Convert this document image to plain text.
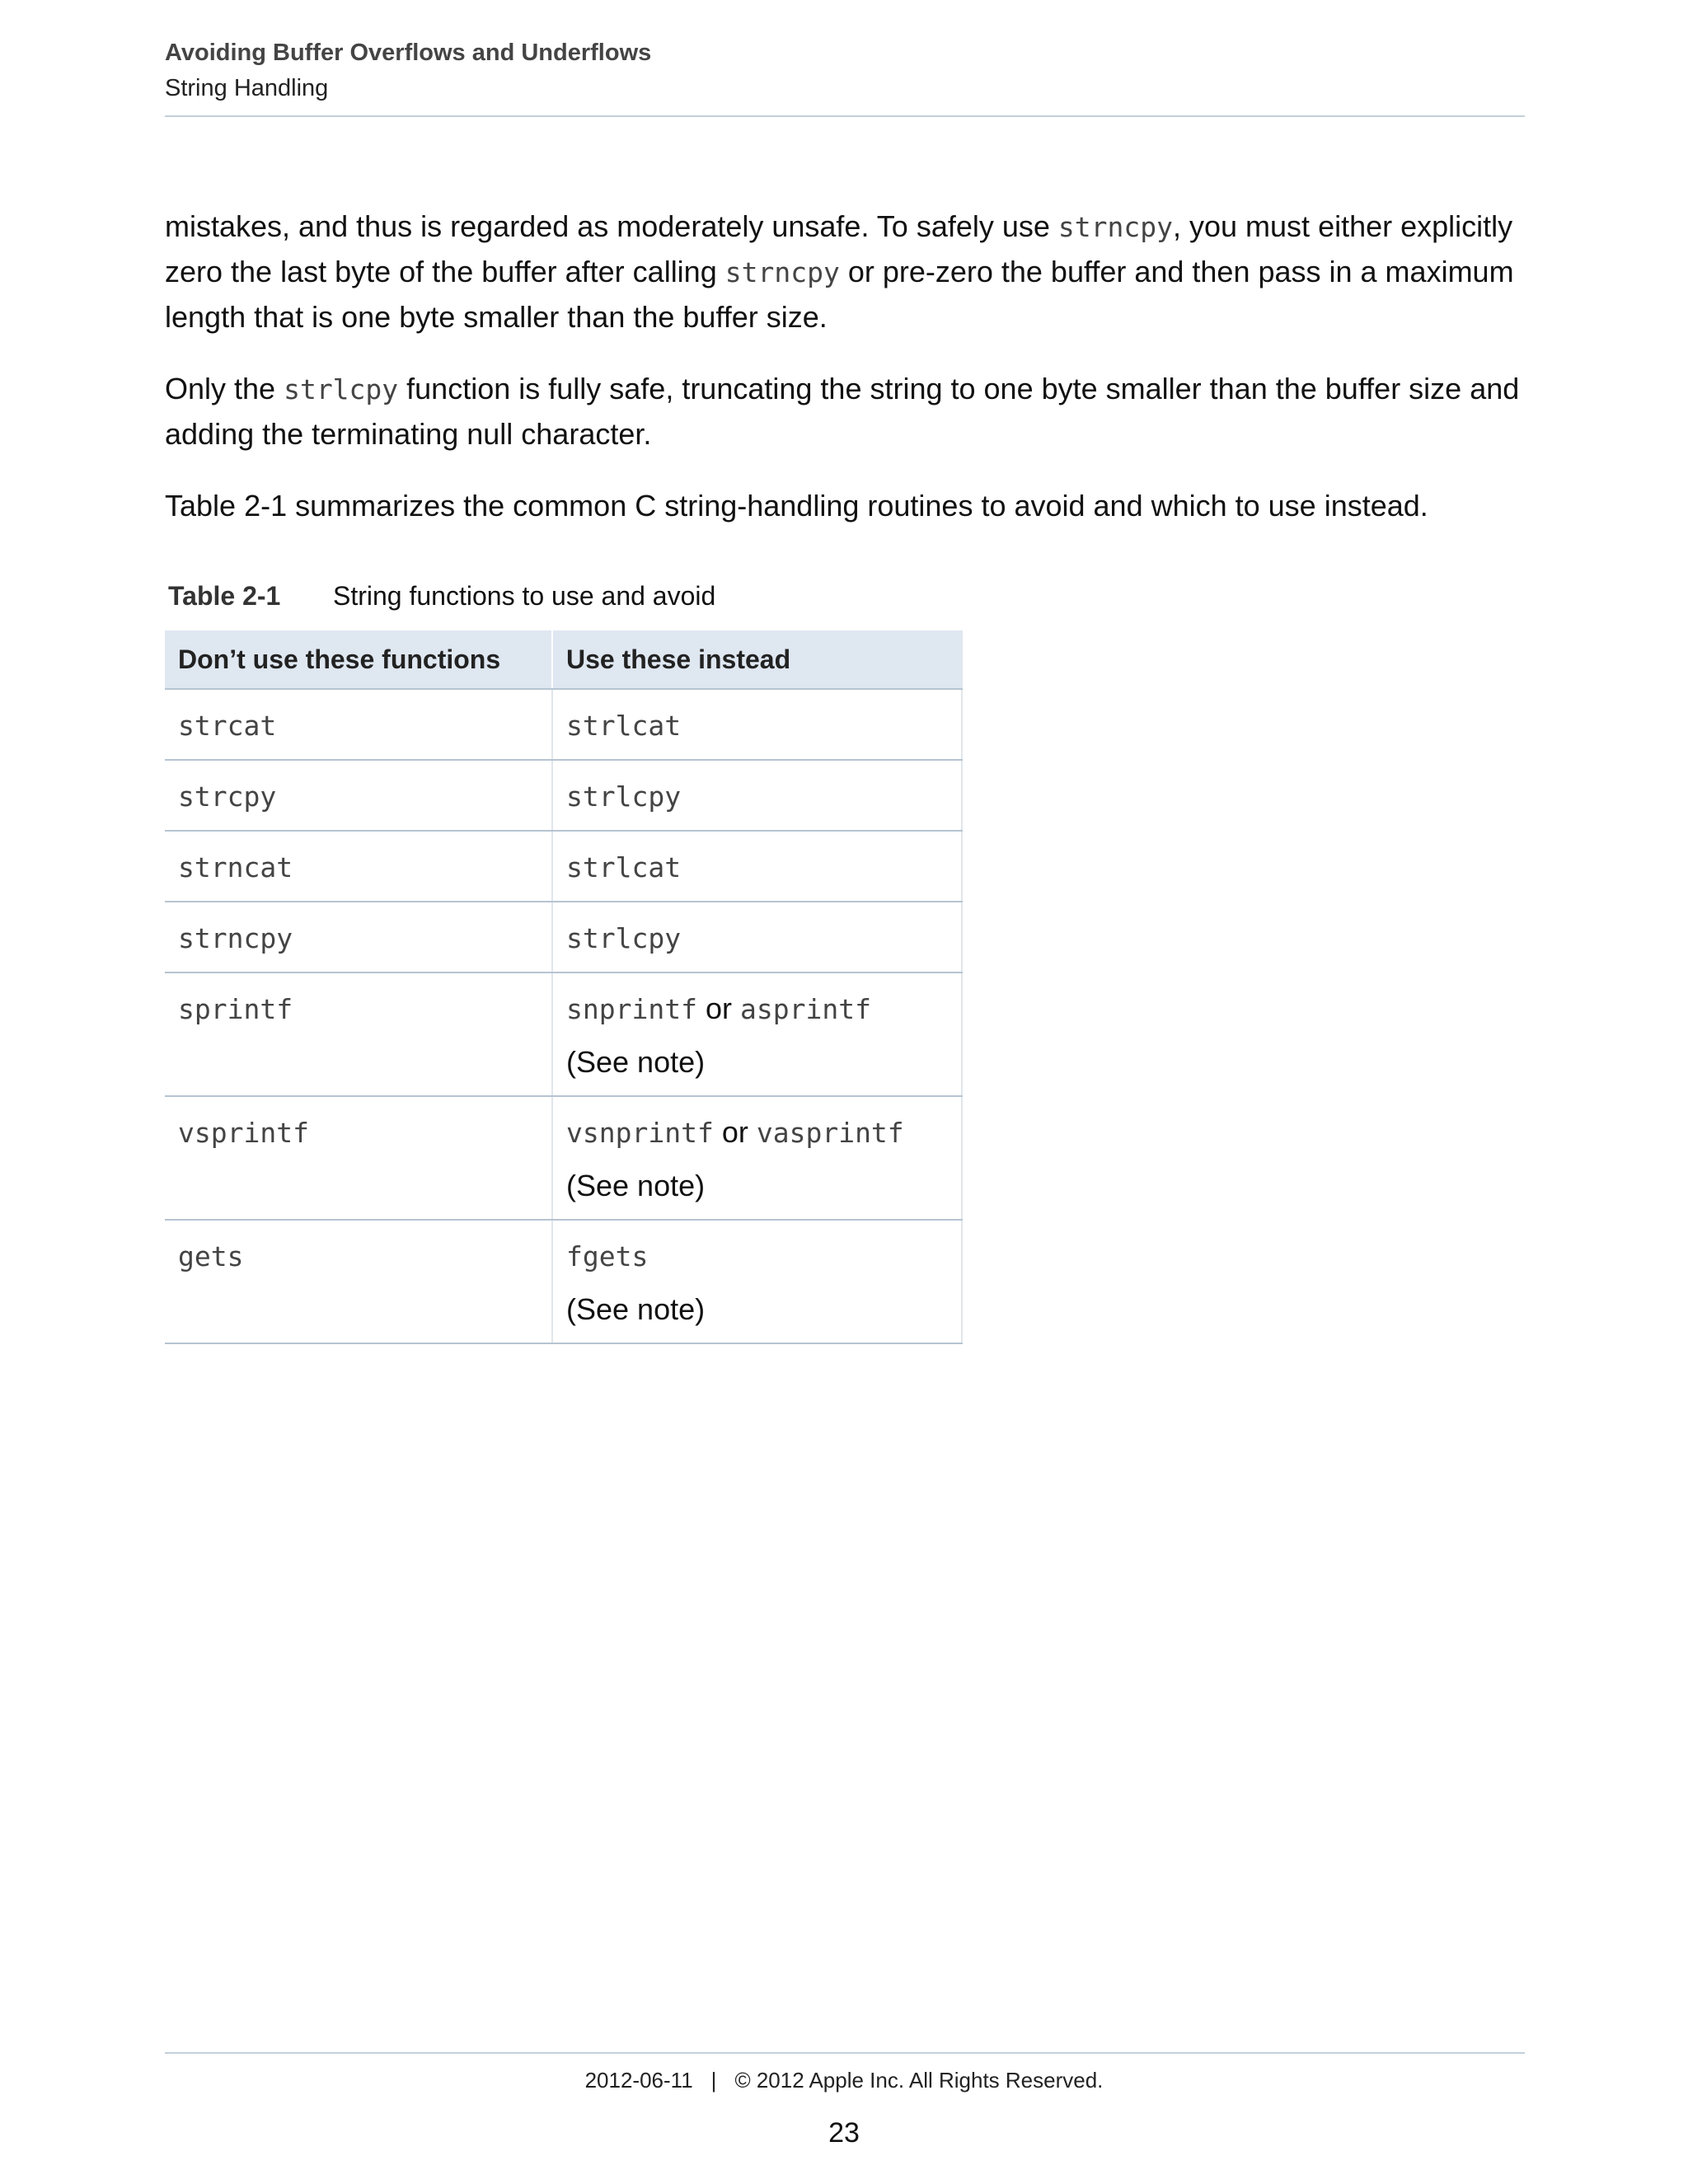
Avoiding Buffer Overflows and Underflows
String Handling

mistakes, and thus is regarded as moderately unsafe. To safely use strncpy, you must either explicitly zero the last byte of the buffer after calling strncpy or pre-zero the buffer and then pass in a maximum length that is one byte smaller than the buffer size.

Only the strlcpy function is fully safe, truncating the string to one byte smaller than the buffer size and adding the terminating null character.

Table 2-1 summarizes the common C string-handling routines to avoid and which to use instead.

Table 2-1 String functions to use and avoid
Don’t use these functions	Use these instead
strcat	strlcat
strcpy	strlcpy
strncat	strlcat
strncpy	strlcpy
sprintf	snprintf or asprintf
(See note)

vsprintf	vsnprintf or vasprintf
(See note)

gets	fgets
(See note)
2012-06-11 | © 2012 Apple Inc. All Rights Reserved.
23
